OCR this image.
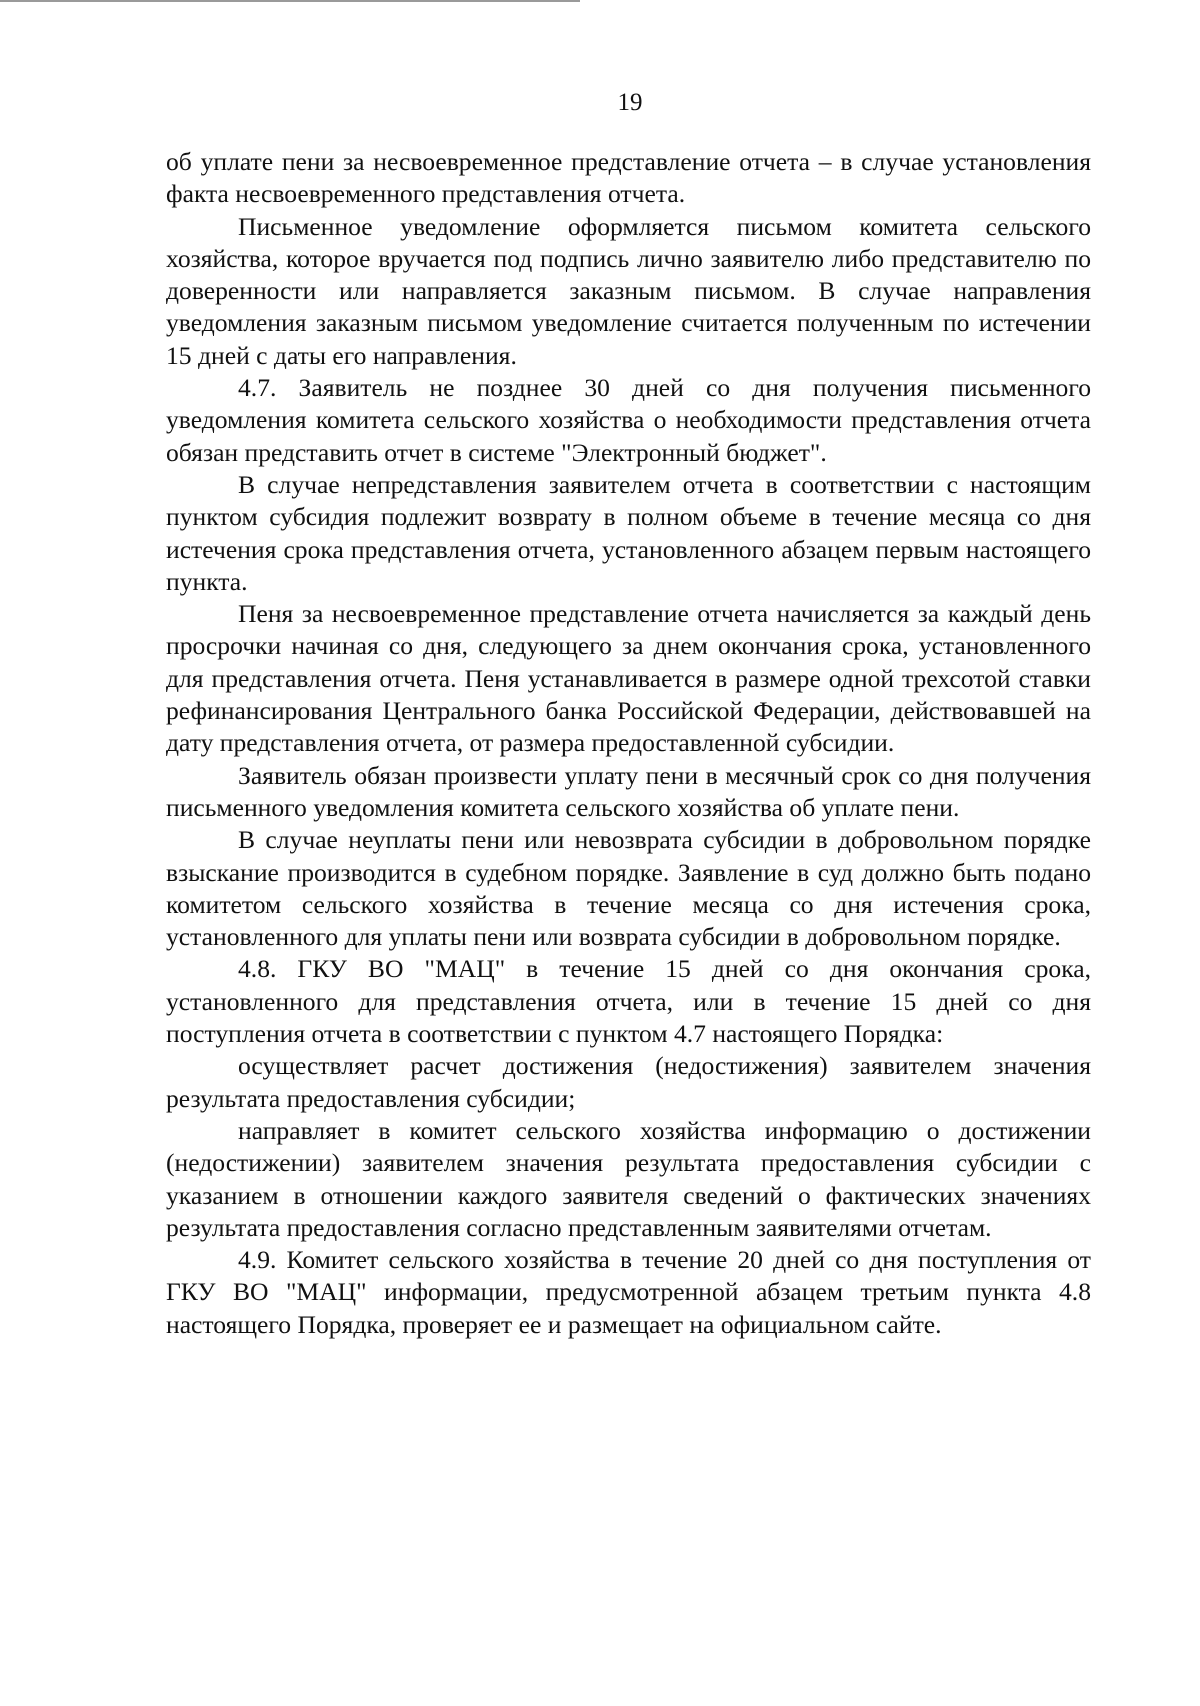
19

об уплате пени за несвоевременное представление отчета – в случае установления факта несвоевременного представления отчета.

Письменное уведомление оформляется письмом комитета сельского хозяйства, которое вручается под подпись лично заявителю либо представителю по доверенности или направляется заказным письмом. В случае направления уведомления заказным письмом уведомление считается полученным по истечении 15 дней с даты его направления.

4.7. Заявитель не позднее 30 дней со дня получения письменного уведомления комитета сельского хозяйства о необходимости представления отчета обязан представить отчет в системе "Электронный бюджет".

В случае непредставления заявителем отчета в соответствии с настоящим пунктом субсидия подлежит возврату в полном объеме в течение месяца со дня истечения срока представления отчета, установленного абзацем первым настоящего пункта.

Пеня за несвоевременное представление отчета начисляется за каждый день просрочки начиная со дня, следующего за днем окончания срока, установленного для представления отчета. Пеня устанавливается в размере одной трехсотой ставки рефинансирования Центрального банка Российской Федерации, действовавшей на дату представления отчета, от размера предоставленной субсидии.

Заявитель обязан произвести уплату пени в месячный срок со дня получения письменного уведомления комитета сельского хозяйства об уплате пени.

В случае неуплаты пени или невозврата субсидии в добровольном порядке взыскание производится в судебном порядке. Заявление в суд должно быть подано комитетом сельского хозяйства в течение месяца со дня истечения срока, установленного для уплаты пени или возврата субсидии в добровольном порядке.

4.8. ГКУ ВО "МАЦ" в течение 15 дней со дня окончания срока, установленного для представления отчета, или в течение 15 дней со дня поступления отчета в соответствии с пунктом 4.7 настоящего Порядка:

осуществляет расчет достижения (недостижения) заявителем значения результата предоставления субсидии;

направляет в комитет сельского хозяйства информацию о достижении (недостижении) заявителем значения результата предоставления субсидии с указанием в отношении каждого заявителя сведений о фактических значениях результата предоставления согласно представленным заявителями отчетам.

4.9. Комитет сельского хозяйства в течение 20 дней со дня поступления от ГКУ ВО "МАЦ" информации, предусмотренной абзацем третьим пункта 4.8 настоящего Порядка, проверяет ее и размещает на официальном сайте.
